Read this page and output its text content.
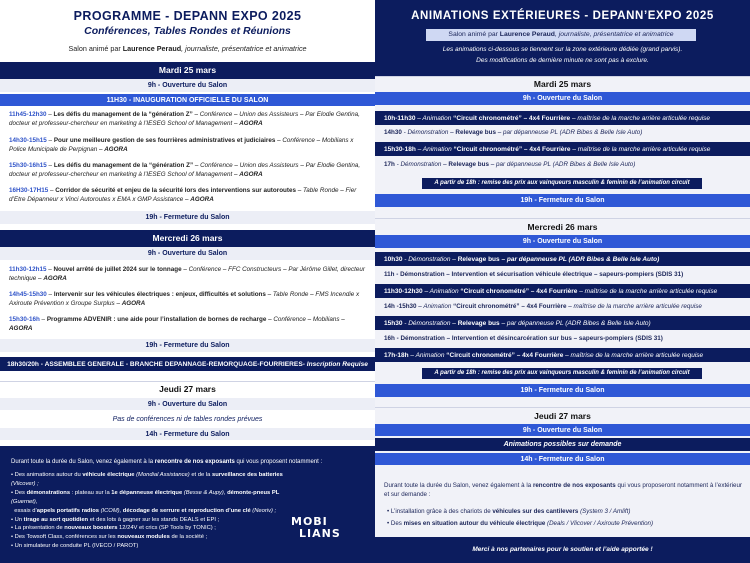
PROGRAMME - DEPANN EXPO 2025
Conférences, Tables Rondes et Réunions
Salon animé par Laurence Peraud, journaliste, présentatrice et animatrice
Mardi 25 mars
9h - Ouverture du Salon
11H30 - INAUGURATION OFFICIELLE DU SALON
11h45-12h30 – Les défis du management de la “génération Z” – Conférence – Union des Assisteurs – Par Elodie Gentina, docteur et professeur-chercheur en marketing à l’IESEG School of Management – AGORA
14h30-15h15 – Pour une meilleure gestion de ses fourrières administratives et judiciaires – Conférence – Mobilians x Police Municipale de Perpignan – AGORA
15h30-16h15 – Les défis du management de la “génération Z” – Conférence – Union des Assisteurs – Par Elodie Gentina, docteur et professeur-chercheur en marketing à l’IESEG School of Management – AGORA
16H30-17H15 – Corridor de sécurité et enjeu de la sécurité lors des interventions sur autoroutes – Table Ronde – Fier d’Etre Dépanneur x Vinci Autoroutes x EMA x GMP Assistance – AGORA
19h - Fermeture du Salon
Mercredi 26 mars
9h - Ouverture du Salon
11h30-12h15 – Nouvel arrêté de juillet 2024 sur le tonnage – Conférence – FFC Constructeurs – Par Jérôme Gillet, directeur technique – AGORA
14h45-15h30 – Intervenir sur les véhicules électriques : enjeux, difficultés et solutions – Table Ronde – FMS Incendie x Axiroute Prévention x Groupe Surplus – AGORA
15h30-16h – Programme ADVENIR : une aide pour l’installation de bornes de recharge – Conférence – Mobilians – AGORA
19h - Fermeture du Salon
18h30/20h - ASSEMBLEE GENERALE - BRANCHE DEPANNAGE-REMORQUAGE-FOURRIERES - Inscription Requise
Jeudi 27 mars
9h - Ouverture du Salon
Pas de conférences ni de tables rondes prévues
14h - Fermeture du Salon
Durant toute la durée du Salon, venez également à la rencontre de nos exposants qui vous proposent notamment :
• Des animations autour du véhicule électrique (Mondial Assistance) et de la surveillance des batteries (Vlicover) ;
• Des démonstrations : plateau sur la 1e dépanneuse électrique (Besse & Aupy), démonte-pneus PL (Guernet),
essais d’appels portatifs radios (ICOM), décodage de serrure et reproduction d’une clé (Neoriv) ;
• Un tirage au sort quotidien et des lots à gagner sur les stands DEALS et EPI ;
• La présentation de nouveaux boosters 12/24V et crics (SP Tools by TONIC) ;
• Des Towsoft Class, conférences sur les nouveaux modules de la société ;
• Un simulateur de conduite PL (IVECO / PAROT)
MOBI
LIANS
ANIMATIONS EXTÉRIEURES - DEPANN’EXPO 2025
Salon animé par Laurence Peraud, journaliste, présentatrice et animatrice
Les animations ci-dessous se tiennent sur la zone extérieure dédiée (grand parvis).
Des modifications de dernière minute ne sont pas à exclure.
Mardi 25 mars
9h - Ouverture du Salon
10h-11h30 – Animation “Circuit chronométré” – 4x4 Fourrière – maîtrise de la marche arrière articulée requise
14h30 - Démonstration – Relevage bus – par dépanneuse PL (ADR Bibes & Belle Isle Auto)
15h30-18h – Animation “Circuit chronométré” – 4x4 Fourrière – maîtrise de la marche arrière articulée requise
17h - Démonstration – Relevage bus – par dépanneuse PL (ADR Bibes & Belle Isle Auto)
A partir de 18h : remise des prix aux vainqueurs masculin & feminin de l’animation circuit
19h - Fermeture du Salon
Mercredi 26 mars
9h - Ouverture du Salon
10h30 - Démonstration – Relevage bus – par dépanneuse PL (ADR Bibes & Belle Isle Auto)
11h - Démonstration – Intervention et sécurisation véhicule électrique – sapeurs-pompiers (SDIS 31)
11h30-12h30 – Animation “Circuit chronométré” – 4x4 Fourrière – maîtrise de la marche arrière articulée requise
14h -15h30 – Animation “Circuit chronométré” – 4x4 Fourrière – maîtrise de la marche arrière articulée requise
15h30 - Démonstration – Relevage bus – par dépanneuse PL (ADR Bibes & Belle Isle Auto)
16h - Démonstration – Intervention et désincarcération sur bus – sapeurs-pompiers (SDIS 31)
17h-18h – Animation “Circuit chronométré” – 4x4 Fourrière – maîtrise de la marche arrière articulée requise
A partir de 18h : remise des prix aux vainqueurs masculin & feminin de l’animation circuit
19h - Fermeture du Salon
Jeudi 27 mars
9h - Ouverture du Salon
Animations possibles sur demande
14h - Fermeture du Salon
Durant toute la durée du Salon, venez également à la rencontre de nos exposants qui vous proposeront notamment à l’extérieur et sur demande :
• L’installation grâce à des chariots de véhicules sur des cantilevers (System 3 / Amlift)
• Des mises en situation autour du véhicule électrique (Deals / Vlicover / Axiroute Prévention)
Merci à nos partenaires pour le soutien et l’aide apportée !
